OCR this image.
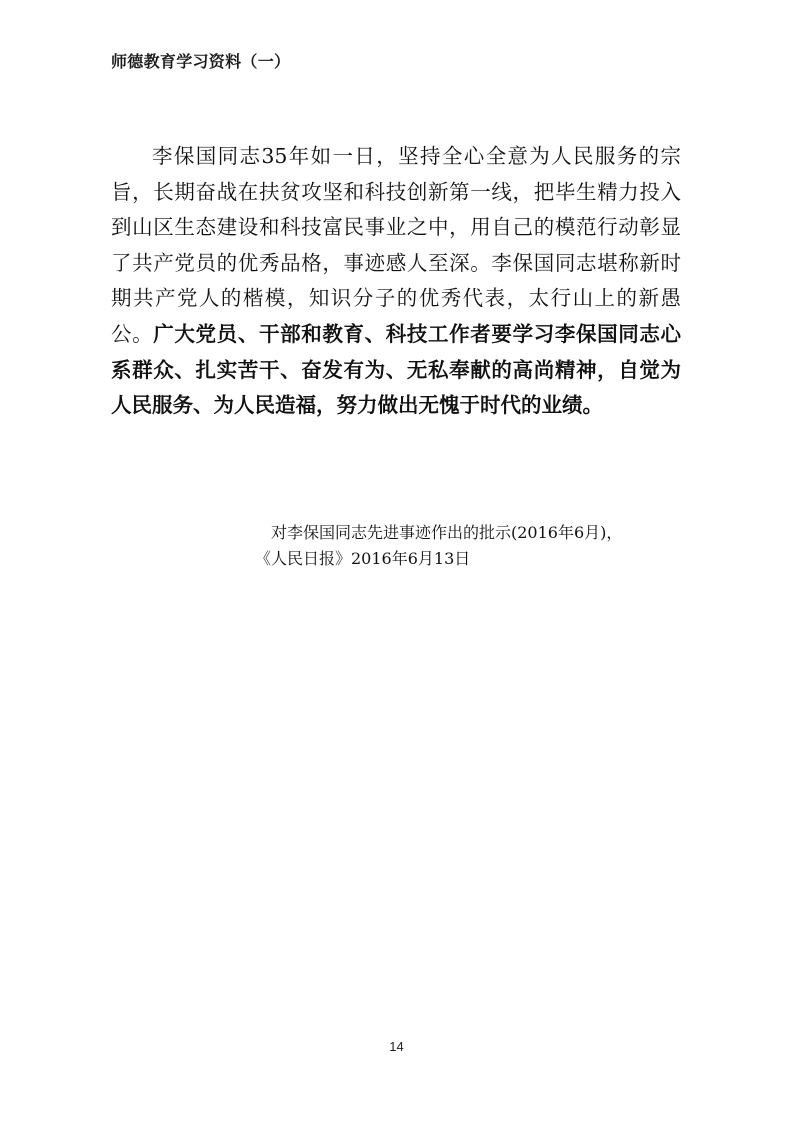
师德教育学习资料（一）

李保国同志35年如一日，坚持全心全意为人民服务的宗旨，长期奋战在扶贫攻坚和科技创新第一线，把毕生精力投入到山区生态建设和科技富民事业之中，用自己的模范行动彰显了共产党员的优秀品格，事迹感人至深。李保国同志堪称新时期共产党人的楷模，知识分子的优秀代表，太行山上的新愚公。广大党员、干部和教育、科技工作者要学习李保国同志心系群众、扎实苦干、奋发有为、无私奉献的高尚精神，自觉为人民服务、为人民造福，努力做出无愧于时代的业绩。

对李保国同志先进事迹作出的批示(2016年6月)，
《人民日报》2016年6月13日
14
